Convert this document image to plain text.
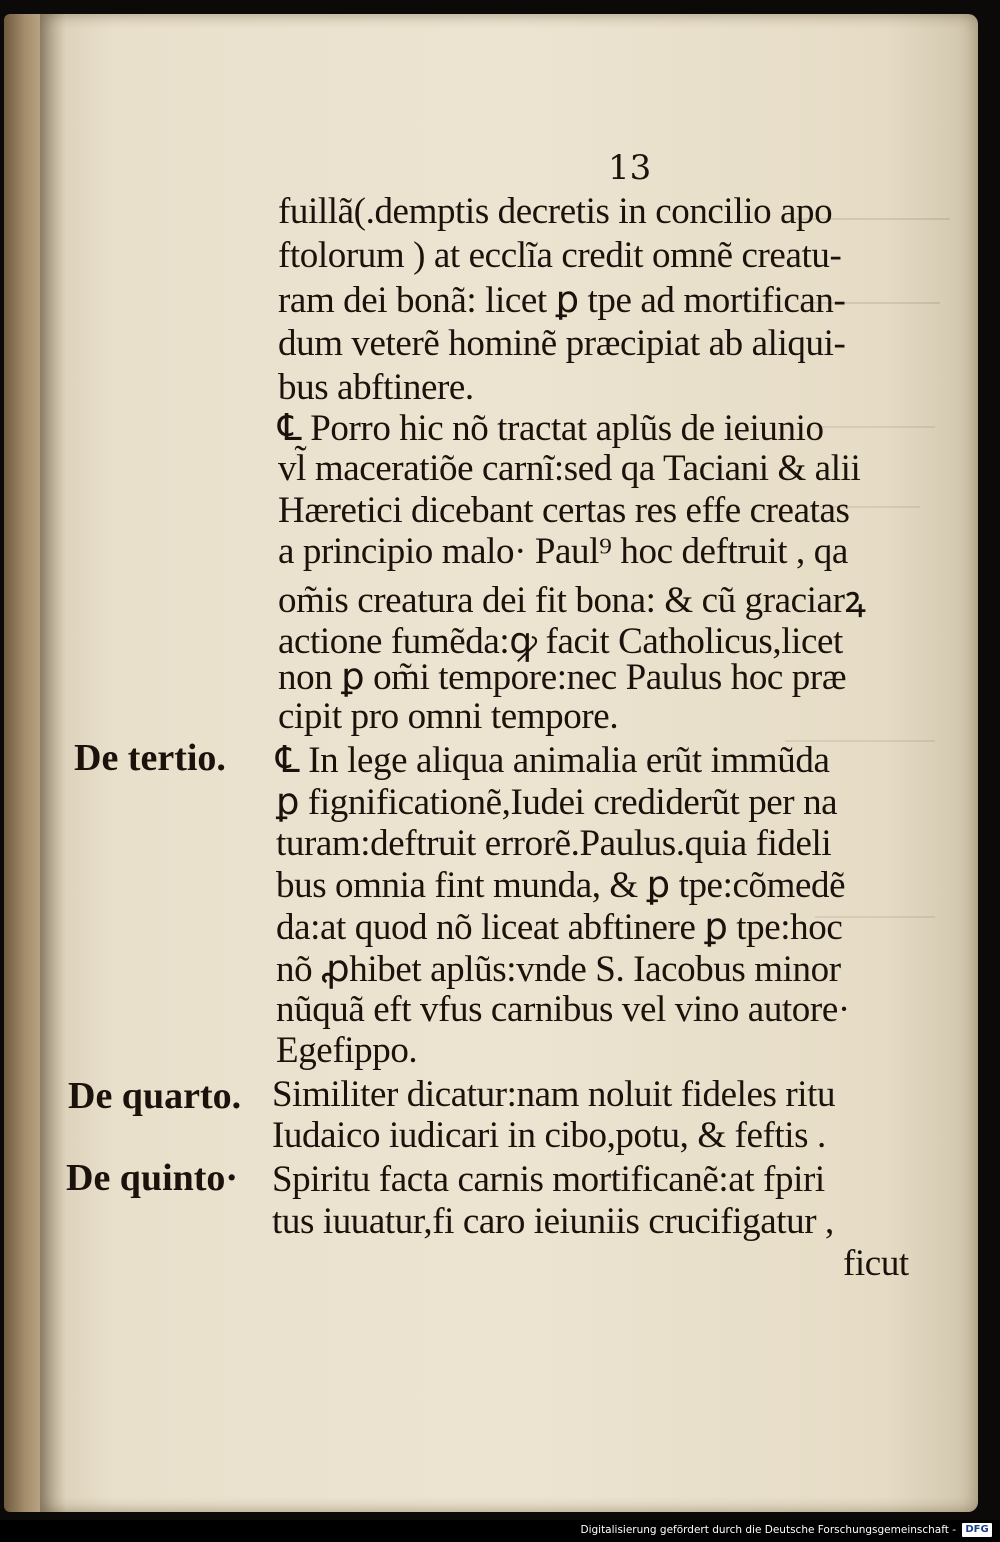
13
fuillã(.demptis decretis in concilio apo
ftolorum ) at ecclĩa credit omnẽ creatu-
ram dei bonã: licet ꝑ tpe ad mortifican-
dum veterẽ hominẽ præcipiat ab aliqui-
bus abftinere.
℄ Porro hic nõ tractat aplũs de ieiunio
vl̃ maceratiõe carnĩ:sed qa Taciani & alii
Hæretici dicebant certas res effe creatas
a principio malo· Paul⁹ hoc deftruit , qa
om̃is creatura dei fit bona: & cũ graciarꝝ
actione fumẽda:ꝙ facit Catholicus,licet
non ꝑ om̃i tempore:nec Paulus hoc præ
cipit pro omni tempore.
℄ In lege aliqua animalia erũt immũda
ꝑ fignificationẽ,Iudei crediderũt per na
turam:deftruit errorẽ.Paulus.quia fideli
bus omnia fint munda, & ꝑ tpe:cõmedẽ
da:at quod nõ liceat abftinere ꝑ tpe:hoc
nõ ꝓhibet aplũs:vnde S. Iacobus minor
nũquã eft vfus carnibus vel vino autore·
Egefippo.
Similiter dicatur:nam noluit fideles ritu
Iudaico iudicari in cibo,potu, & feftis .
Spiritu facta carnis mortificanẽ:at fpiri
tus iuuatur,fi caro ieiuniis crucifigatur ,
ficut
De tertio.
De quarto.
De quinto·
Digitalisierung gefördert durch die Deutsche Forschungsgemeinschaft - DFG
